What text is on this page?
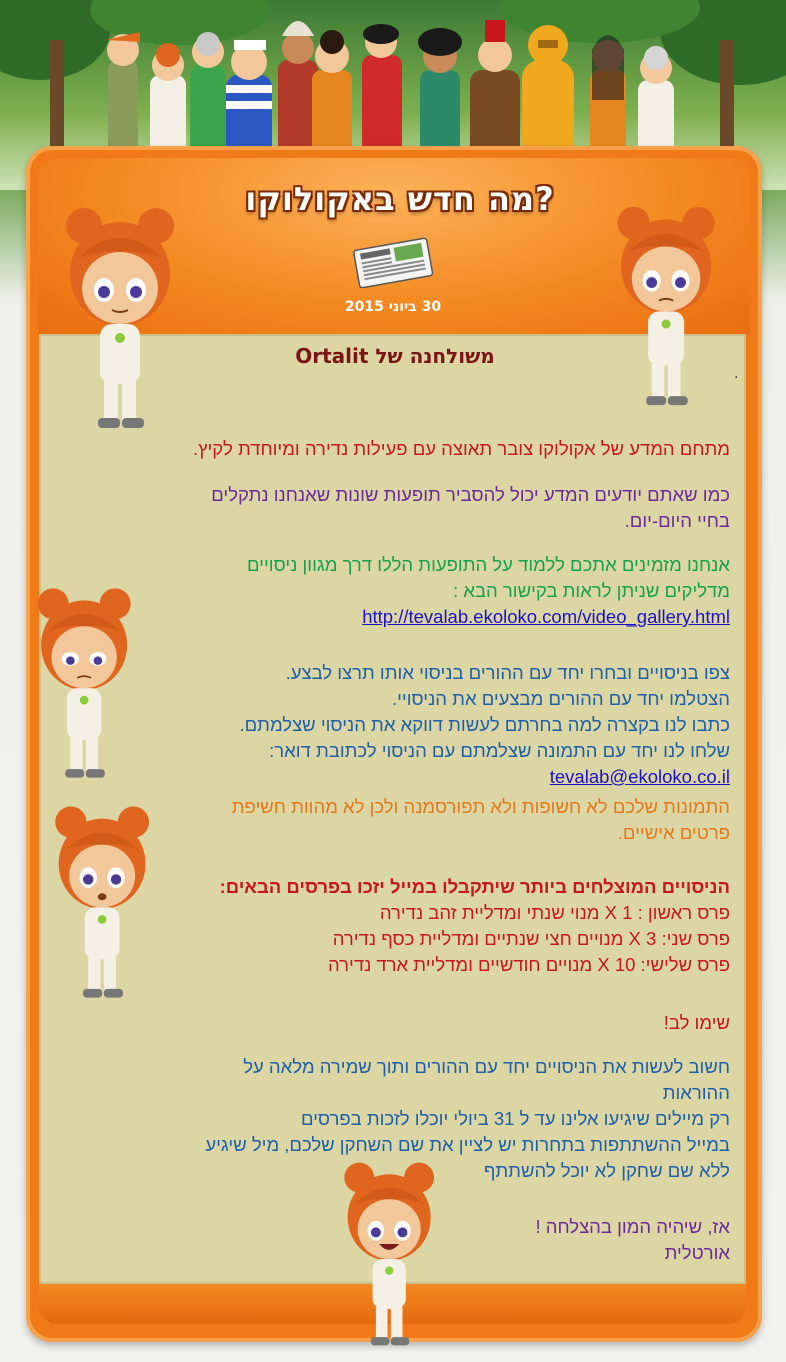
מה חדש באקולוקו?
30 ביוני 2015
משולחנה של Ortalit
.

מתחם המדע של אקולוקו צובר תאוצה עם פעילות נדירה ומיוחדת לקיץ.

כמו שאתם יודעים המדע יכול להסביר תופעות שונות שאנחנו נתקלים

בחיי היום-יום.

אנחנו מזמינים אתכם ללמוד על התופעות הללו דרך מגוון ניסויים

מדליקים שניתן לראות בקישור הבא :

http://tevalab.ekoloko.com/video_gallery.html

צפו בניסויים ובחרו יחד עם ההורים בניסוי אותו תרצו לבצע.

הצטלמו יחד עם ההורים מבצעים את הניסויי.

כתבו לנו בקצרה למה בחרתם לעשות דווקא את הניסוי שצלמתם.

שלחו לנו יחד עם התמונה שצלמתם עם הניסוי לכתובת דואר:

tevalab@ekoloko.co.il

התמונות שלכם לא חשופות ולא תפורסמנה ולכן לא מהוות חשיפת

פרטים אישיים.

הניסויים המוצלחים ביותר שיתקבלו במייל יזכו בפרסים הבאים:

פרס ראשון : 1 X מנוי שנתי ומדליית זהב נדירה

פרס שני: 3 X מנויים חצי שנתיים ומדליית כסף נדירה

פרס שלישי: 10 X מנויים חודשיים ומדליית ארד נדירה

שימו לב!

חשוב לעשות את הניסויים יחד עם ההורים ותוך שמירה מלאה על

ההוראות

רק מיילים שיגיעו אלינו עד ל 31 ביולי יוכלו לזכות בפרסים

במייל ההשתתפות בתחרות יש לציין את שם השחקן שלכם, מיל שיגיע

ללא שם שחקן לא יוכל להשתתף

אז, שיהיה המון בהצלחה !

אורטלית
